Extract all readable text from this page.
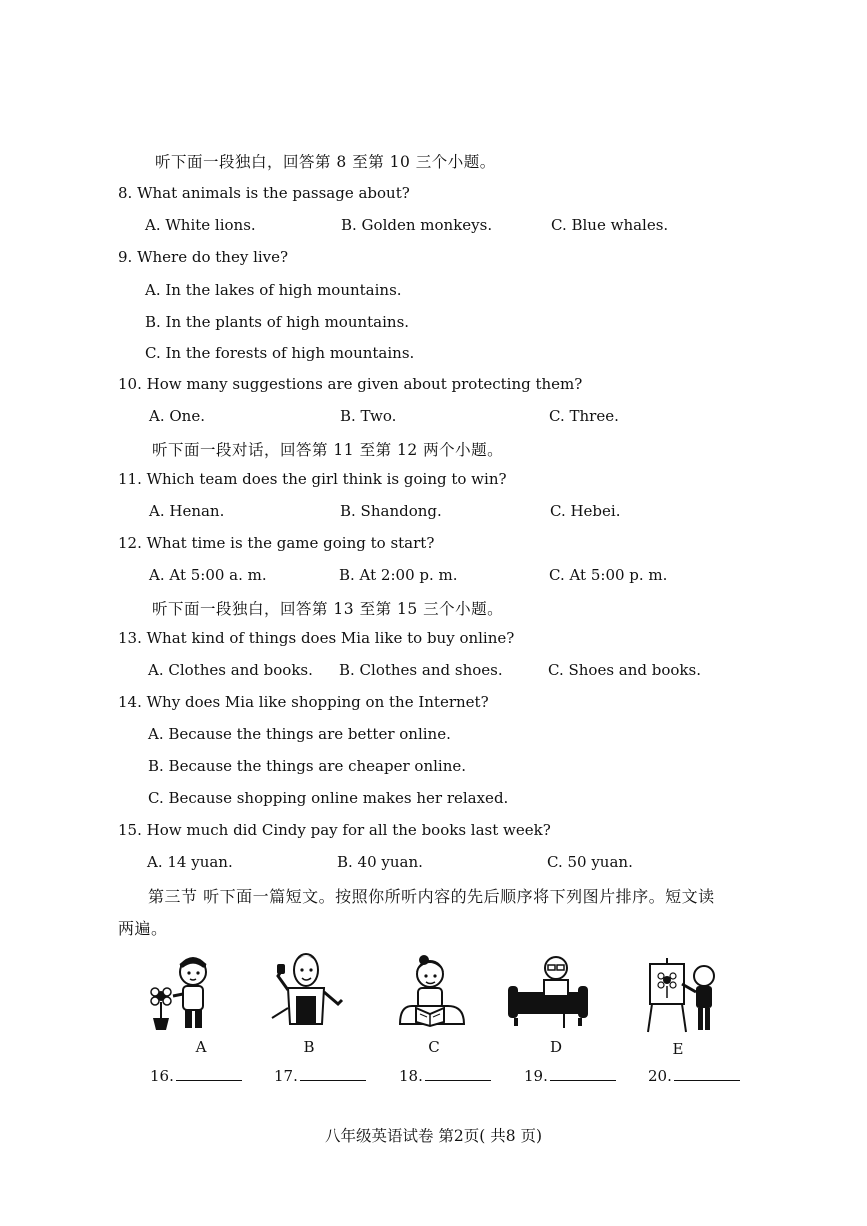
听下面一段独白，回答第 8 至第 10 三个小题。
8. What animals is the passage about?
A. White lions.	B. Golden monkeys.	C. Blue whales.
9. Where do they live?
A. In the lakes of high mountains.
B. In the plants of high mountains.
C. In the forests of high mountains.
10. How many suggestions are given about protecting them?
A. One.	B. Two.	C. Three.
听下面一段对话，回答第 11 至第 12 两个小题。
11. Which team does the girl think is going to win?
A. Henan.	B. Shandong.	C. Hebei.
12. What time is the game going to start?
A. At 5:00 a. m.	B. At 2:00 p. m.	C. At 5:00 p. m.
听下面一段独白，回答第 13 至第 15 三个小题。
13. What kind of things does Mia like to buy online?
A. Clothes and books. B. Clothes and shoes.	C. Shoes and books.
14. Why does Mia like shopping on the Internet?
A. Because the things are better online.
B. Because the things are cheaper online.
C. Because shopping online makes her relaxed.
15. How much did Cindy pay for all the books last week?
A. 14 yuan.	B. 40 yuan.	C. 50 yuan.
第三节 听下面一篇短文。按照你所听内容的先后顺序将下列图片排序。短文读
两遍。
A	B	C	D	E
16.	17.	18.	19.	20.
八年级英语试卷 第2页( 共8 页)
